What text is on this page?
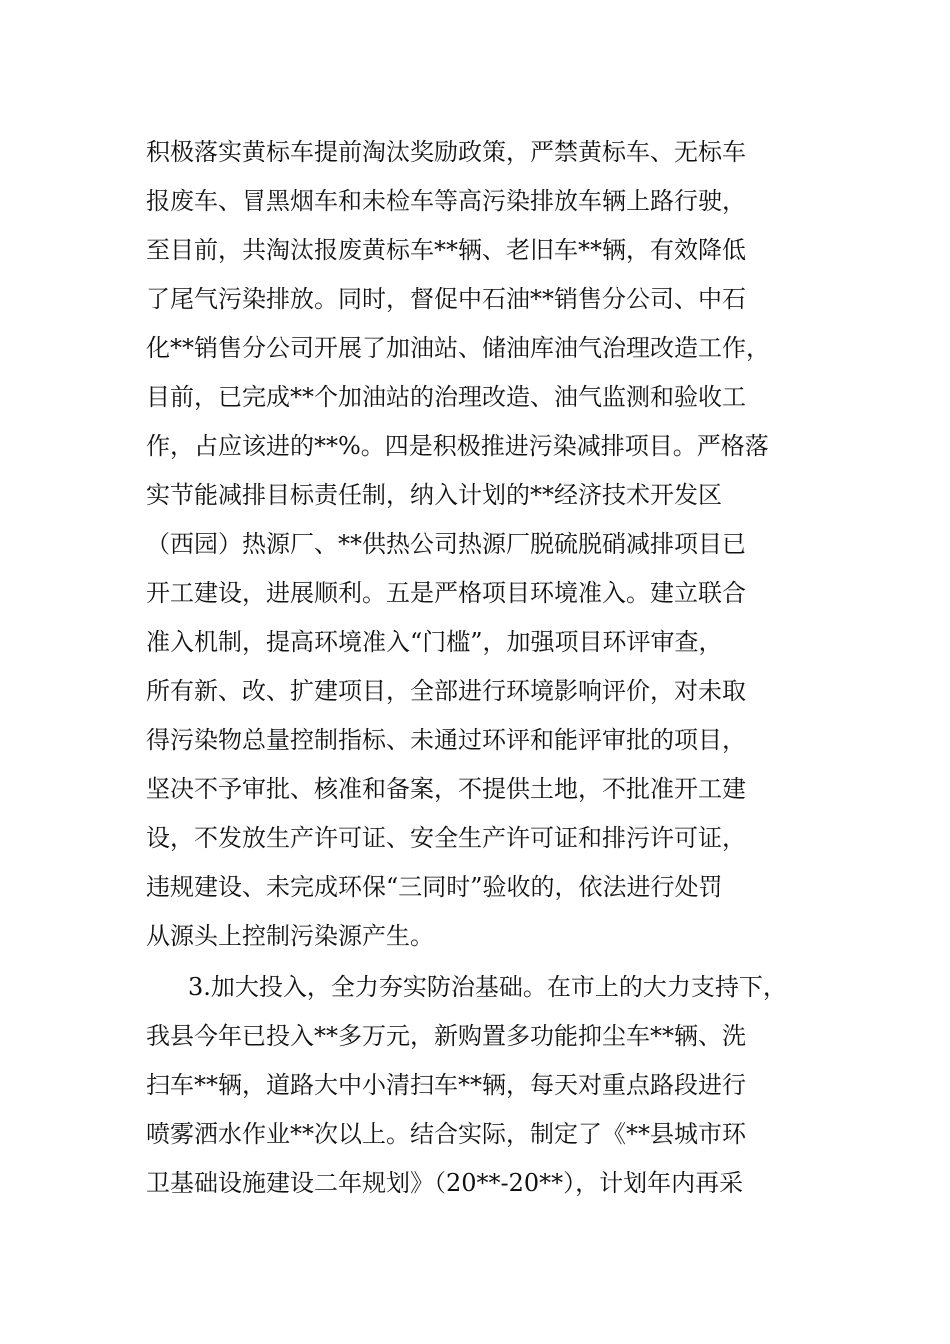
积极落实黄标车提前淘汰奖励政策，严禁黄标车、无标车
报废车、冒黑烟车和未检车等高污染排放车辆上路行驶，
至目前，共淘汰报废黄标车**辆、老旧车**辆，有效降低
了尾气污染排放。同时，督促中石油**销售分公司、中石
化**销售分公司开展了加油站、储油库油气治理改造工作，
目前，已完成**个加油站的治理改造、油气监测和验收工
作，占应该进的**%。四是积极推进污染减排项目。严格落
实节能减排目标责任制，纳入计划的**经济技术开发区
（西园）热源厂、**供热公司热源厂脱硫脱硝减排项目已
开工建设，进展顺利。五是严格项目环境准入。建立联合
准入机制，提高环境准入“门槛”，加强项目环评审查，
所有新、改、扩建项目，全部进行环境影响评价，对未取
得污染物总量控制指标、未通过环评和能评审批的项目，
坚决不予审批、核准和备案，不提供土地，不批准开工建
设，不发放生产许可证、安全生产许可证和排污许可证，
违规建设、未完成环保“三同时”验收的，依法进行处罚
从源头上控制污染源产生。
3.加大投入，全力夯实防治基础。在市上的大力支持下，
我县今年已投入**多万元，新购置多功能抑尘车**辆、洗
扫车**辆，道路大中小清扫车**辆，每天对重点路段进行
喷雾洒水作业**次以上。结合实际，制定了《**县城市环
卫基础设施建设二年规划》（20**-20**），计划年内再采
